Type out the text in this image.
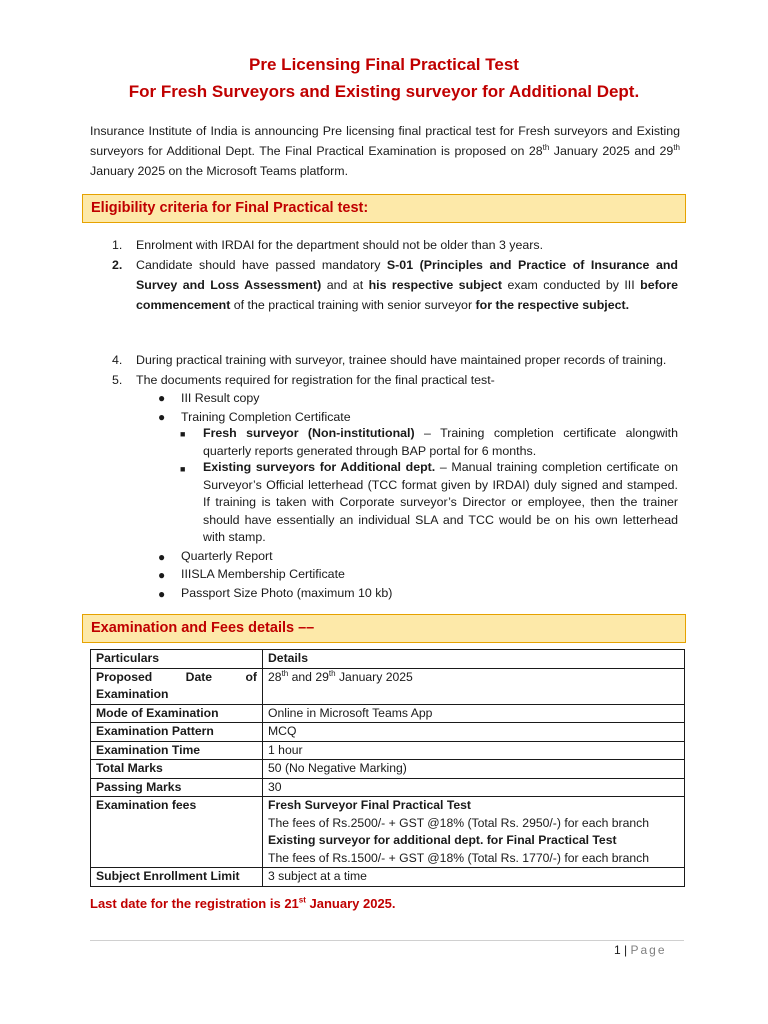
Pre Licensing Final Practical Test
For Fresh Surveyors and Existing surveyor for Additional Dept.

Insurance Institute of India is announcing Pre licensing final practical test for Fresh surveyors and Existing surveyors for Additional Dept. The Final Practical Examination is proposed on 28th January 2025 and 29th January 2025 on the Microsoft Teams platform.

Eligibility criteria for Final Practical test:
1.	Enrolment with IRDAI for the department should not be older than 3 years.
2.	Candidate should have passed mandatory S-01 (Principles and Practice of Insurance and Survey and Loss Assessment) and at his respective subject exam conducted by III before commencement of the practical training with senior surveyor for the respective subject.
4.	During practical training with surveyor, trainee should have maintained proper records of training.
5.	The documents required for registration for the final practical test-
● III Result copy
● Training Completion Certificate
■ Fresh surveyor (Non-institutional) – Training completion certificate alongwith quarterly reports generated through BAP portal for 6 months.
■ Existing surveyors for Additional dept. – Manual training completion certificate on Surveyor’s Official letterhead (TCC format given by IRDAI) duly signed and stamped. If training is taken with Corporate surveyor’s Director or employee, then the trainer should have essentially an individual SLA and TCC would be on his own letterhead with stamp.
● Quarterly Report
● IIISLA Membership Certificate
● Passport Size Photo (maximum 10 kb)
Examination and Fees details ––
Particulars	Details

Proposed Date of
Examination	28th and 29th January 2025
Mode of Examination	Online in Microsoft Teams App
Examination Pattern	MCQ
Examination Time	1 hour
Total Marks	50 (No Negative Marking)
Passing Marks	30
Examination fees	Fresh Surveyor Final Practical Test
The fees of Rs.2500/- + GST @18% (Total Rs. 2950/-) for each branch
Existing surveyor for additional dept. for Final Practical Test
The fees of Rs.1500/- + GST @18% (Total Rs. 1770/-) for each branch

Subject Enrollment Limit	3 subject at a time
Last date for the registration is 21st January 2025.
1 | Page
